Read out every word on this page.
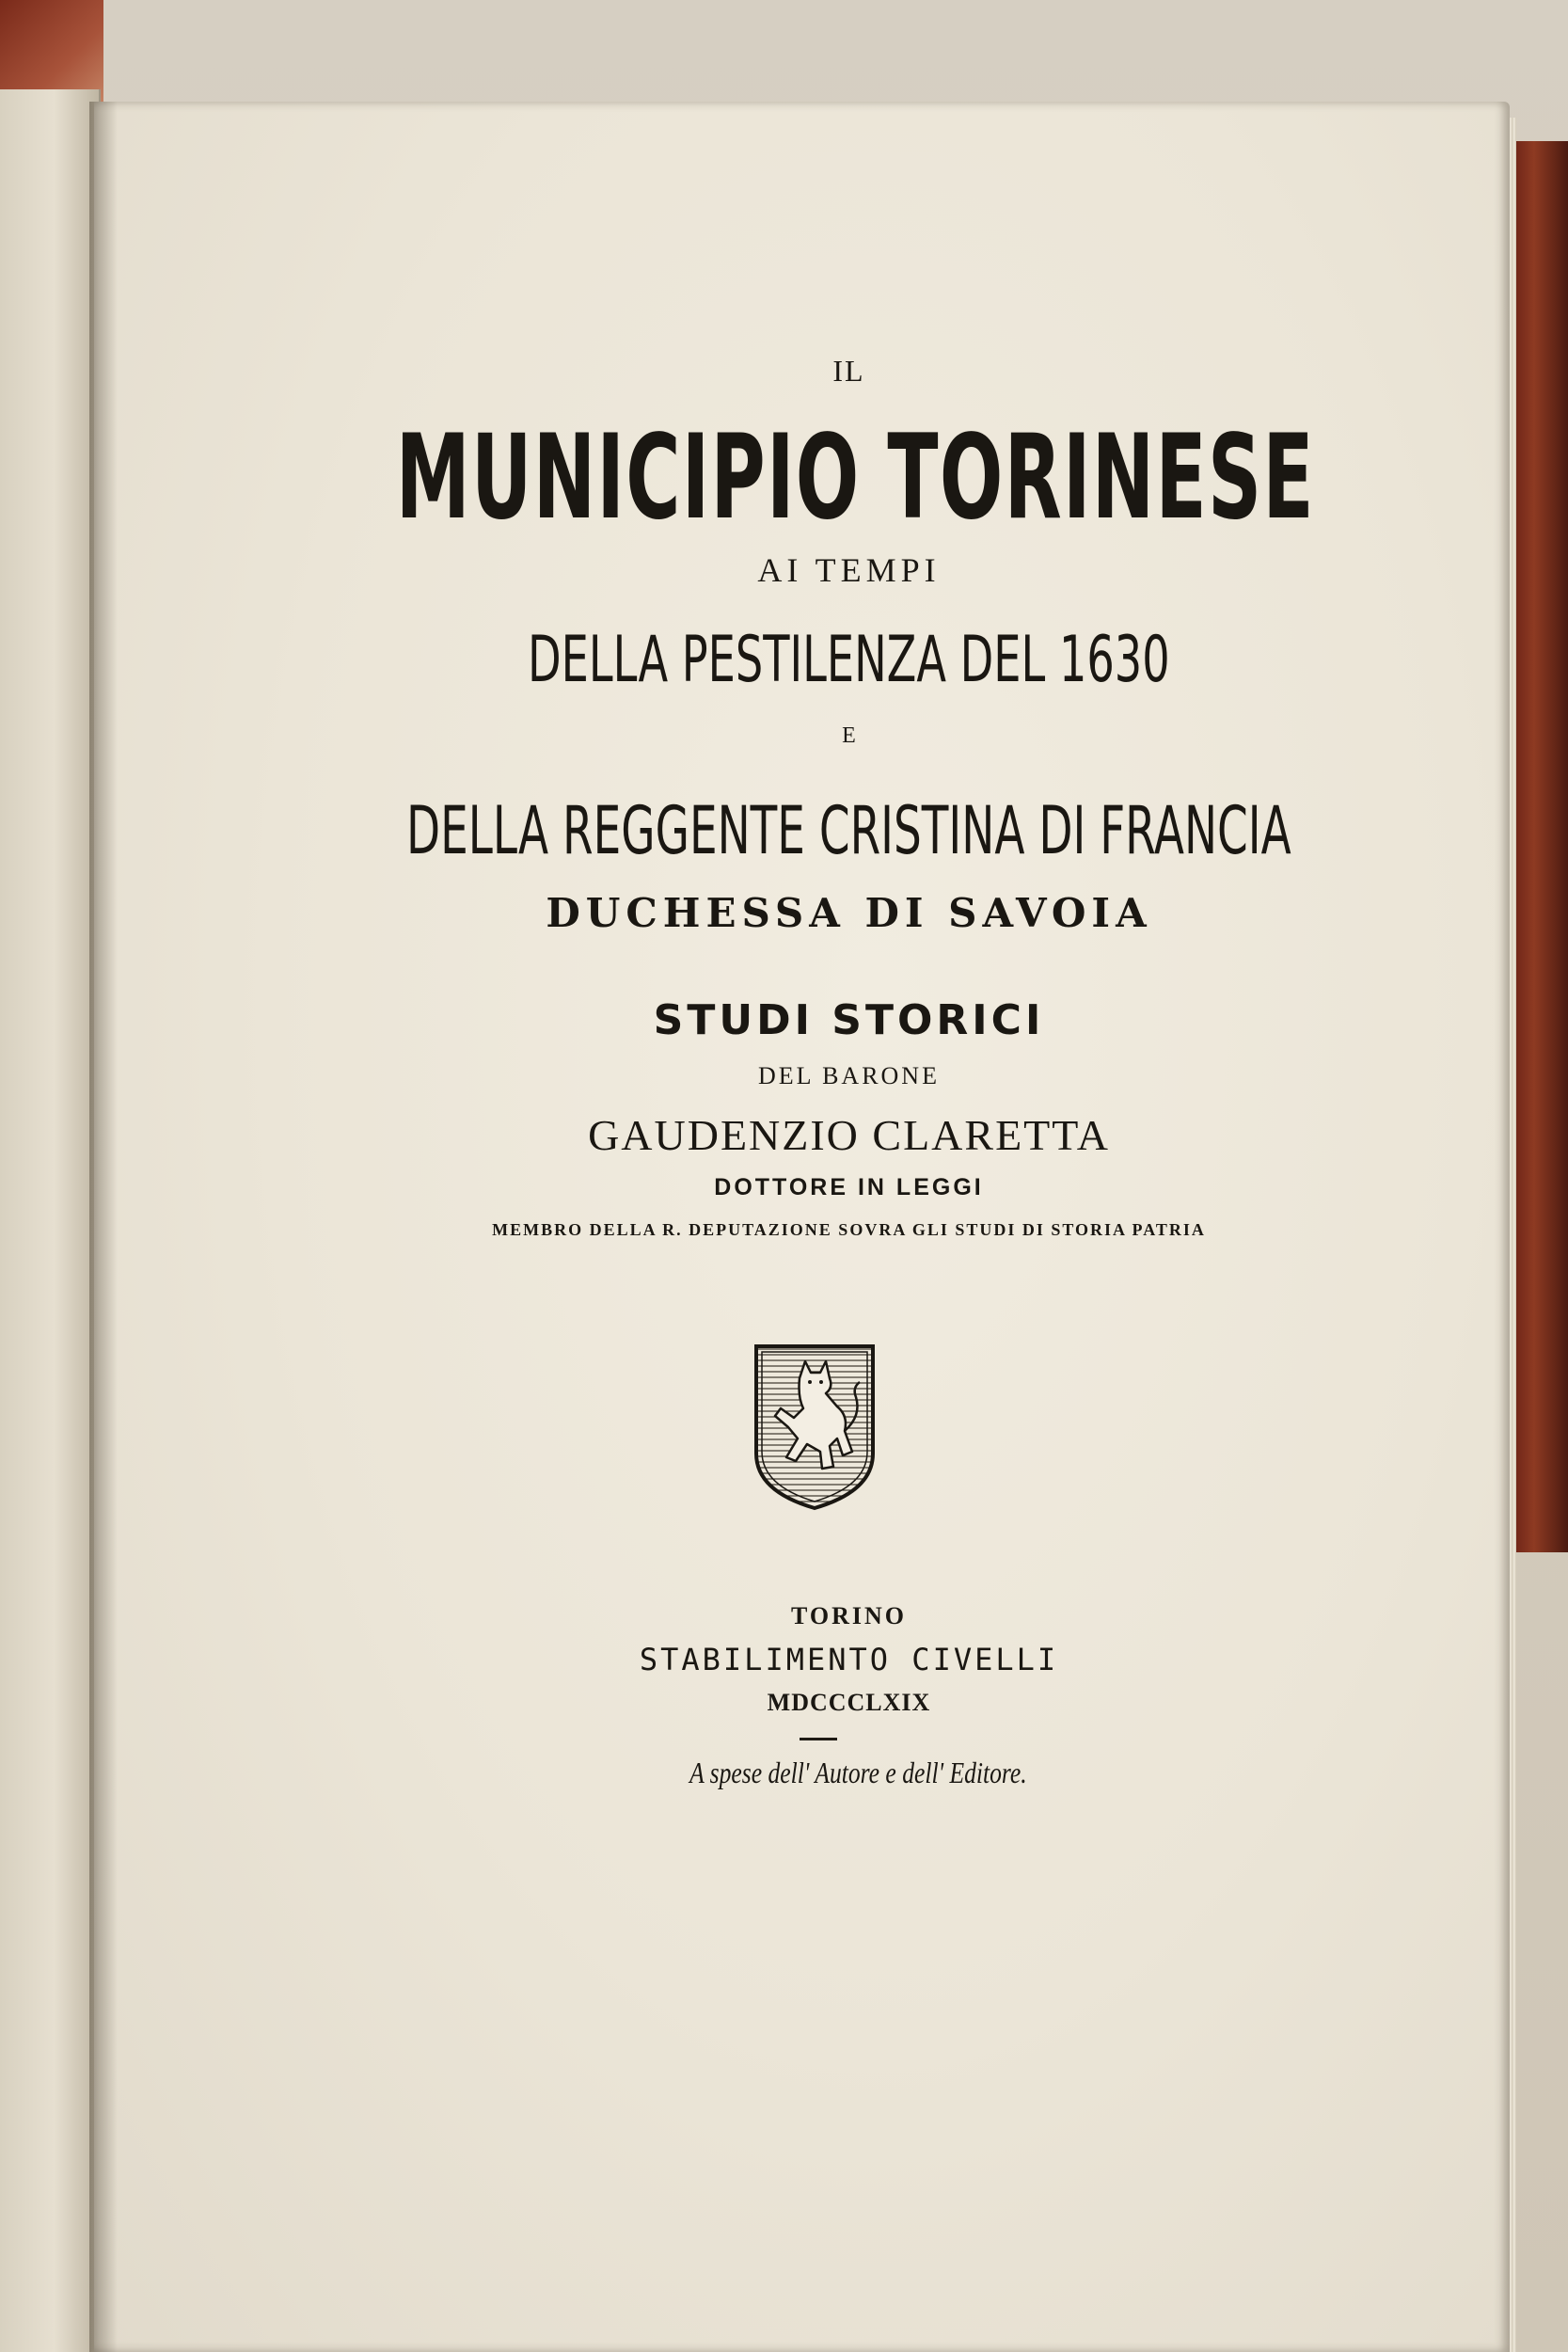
IL
MUNICIPIO TORINESE
AI TEMPI
DELLA PESTILENZA DEL 1630
E
DELLA REGGENTE CRISTINA DI FRANCIA
DUCHESSA DI SAVOIA
STUDI STORICI
DEL BARONE
GAUDENZIO CLARETTA
DOTTORE IN LEGGI
MEMBRO DELLA R. DEPUTAZIONE SOVRA GLI STUDI DI STORIA PATRIA
TORINO
STABILIMENTO CIVELLI
MDCCCLXIX
A spese dell' Autore e dell' Editore.
